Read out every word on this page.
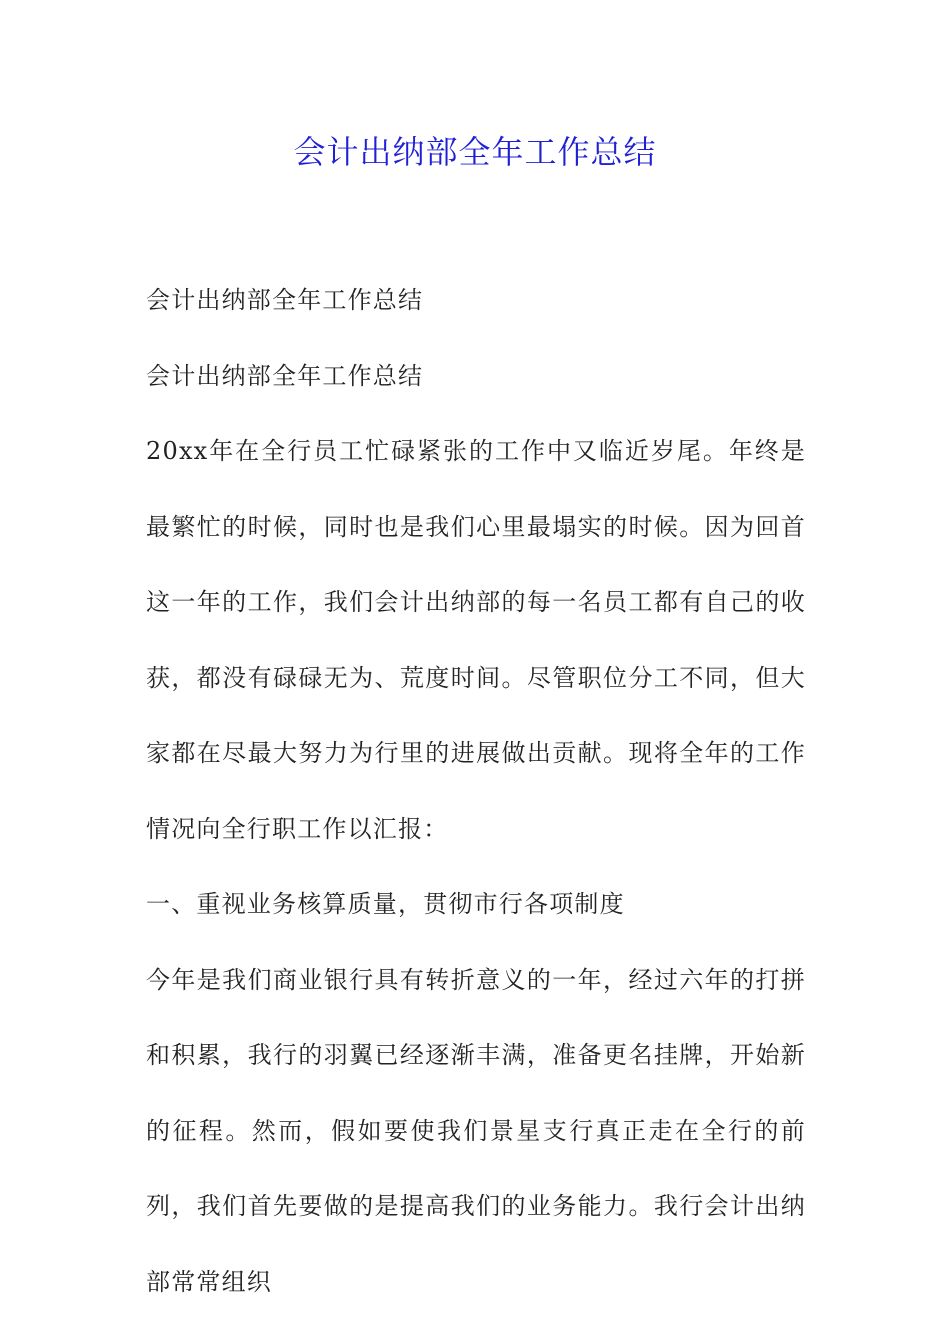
会计出纳部全年工作总结

会计出纳部全年工作总结

会计出纳部全年工作总结

20xx年在全行员工忙碌紧张的工作中又临近岁尾。年终是最繁忙的时候，同时也是我们心里最塌实的时候。因为回首这一年的工作，我们会计出纳部的每一名员工都有自己的收获，都没有碌碌无为、荒度时间。尽管职位分工不同，但大家都在尽最大努力为行里的进展做出贡献。现将全年的工作情况向全行职工作以汇报：

一、重视业务核算质量，贯彻市行各项制度

今年是我们商业银行具有转折意义的一年，经过六年的打拼和积累，我行的羽翼已经逐渐丰满，准备更名挂牌，开始新的征程。然而，假如要使我们景星支行真正走在全行的前列，我们首先要做的是提高我们的业务能力。我行会计出纳部常常组织
